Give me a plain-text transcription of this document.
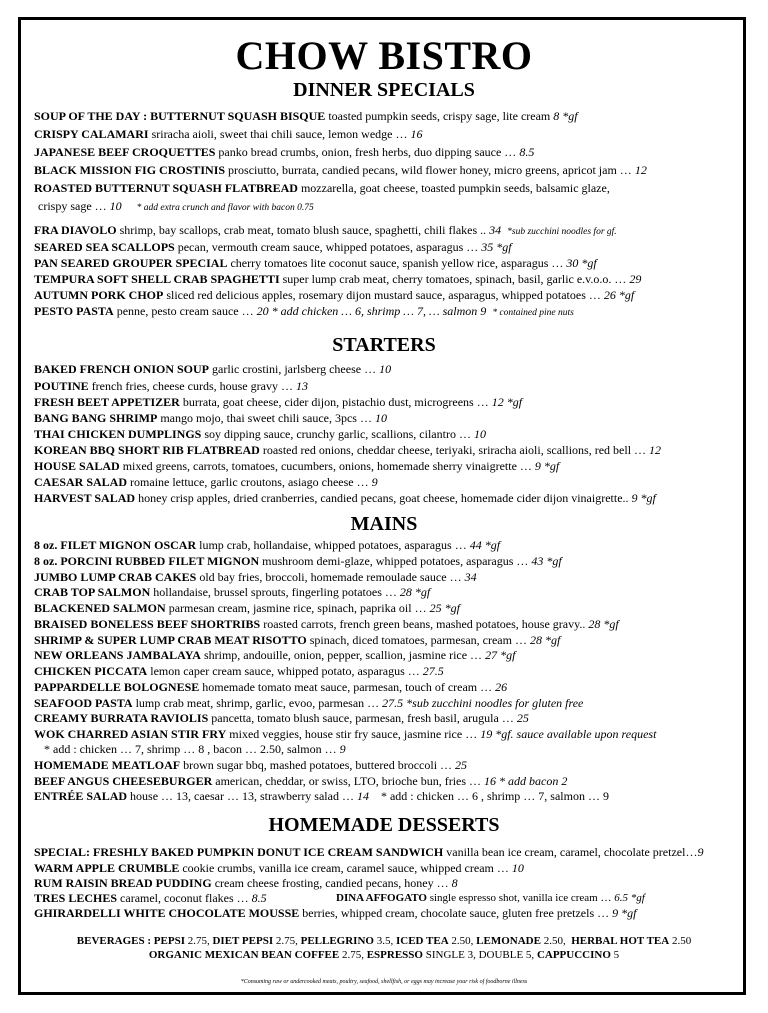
CHOW BISTRO
DINNER SPECIALS
SOUP OF THE DAY : BUTTERNUT SQUASH BISQUE toasted pumpkin seeds, crispy sage, lite cream 8 *gf
CRISPY CALAMARI sriracha aioli, sweet thai chili sauce, lemon wedge … 16
JAPANESE BEEF CROQUETTES panko bread crumbs, onion, fresh herbs, duo dipping sauce … 8.5
BLACK MISSION FIG CROSTINIS prosciutto, burrata, candied pecans, wild flower honey, micro greens, apricot jam … 12
ROASTED BUTTERNUT SQUASH FLATBREAD mozzarella, goat cheese, toasted pumpkin seeds, balsamic glaze,
crispy sage … 10 * add extra crunch and flavor with bacon 0.75
FRA DIAVOLO shrimp, bay scallops, crab meat, tomato blush sauce, spaghetti, chili flakes .. 34 *sub zucchini noodles for gf.
SEARED SEA SCALLOPS pecan, vermouth cream sauce, whipped potatoes, asparagus … 35 *gf
PAN SEARED GROUPER SPECIAL cherry tomatoes lite coconut sauce, spanish yellow rice, asparagus … 30 *gf
TEMPURA SOFT SHELL CRAB SPAGHETTI super lump crab meat, cherry tomatoes, spinach, basil, garlic e.v.o.o. … 29
AUTUMN PORK CHOP sliced red delicious apples, rosemary dijon mustard sauce, asparagus, whipped potatoes … 26 *gf
PESTO PASTA penne, pesto cream sauce … 20 * add chicken … 6, shrimp … 7, … salmon 9 * contained pine nuts
STARTERS
BAKED FRENCH ONION SOUP garlic crostini, jarlsberg cheese … 10
POUTINE french fries, cheese curds, house gravy … 13
FRESH BEET APPETIZER burrata, goat cheese, cider dijon, pistachio dust, microgreens … 12 *gf
BANG BANG SHRIMP mango mojo, thai sweet chili sauce, 3pcs … 10
THAI CHICKEN DUMPLINGS soy dipping sauce, crunchy garlic, scallions, cilantro … 10
KOREAN BBQ SHORT RIB FLATBREAD roasted red onions, cheddar cheese, teriyaki, sriracha aioli, scallions, red bell … 12
HOUSE SALAD mixed greens, carrots, tomatoes, cucumbers, onions, homemade sherry vinaigrette … 9 *gf
CAESAR SALAD romaine lettuce, garlic croutons, asiago cheese … 9
HARVEST SALAD honey crisp apples, dried cranberries, candied pecans, goat cheese, homemade cider dijon vinaigrette.. 9 *gf
MAINS
8 oz. FILET MIGNON OSCAR lump crab, hollandaise, whipped potatoes, asparagus … 44 *gf
8 oz. PORCINI RUBBED FILET MIGNON mushroom demi-glaze, whipped potatoes, asparagus … 43 *gf
JUMBO LUMP CRAB CAKES old bay fries, broccoli, homemade remoulade sauce … 34
CRAB TOP SALMON hollandaise, brussel sprouts, fingerling potatoes … 28 *gf
BLACKENED SALMON parmesan cream, jasmine rice, spinach, paprika oil … 25 *gf
BRAISED BONELESS BEEF SHORTRIBS roasted carrots, french green beans, mashed potatoes, house gravy.. 28 *gf
SHRIMP & SUPER LUMP CRAB MEAT RISOTTO spinach, diced tomatoes, parmesan, cream … 28 *gf
NEW ORLEANS JAMBALAYA shrimp, andouille, onion, pepper, scallion, jasmine rice … 27 *gf
CHICKEN PICCATA lemon caper cream sauce, whipped potato, asparagus … 27.5
PAPPARDELLE BOLOGNESE homemade tomato meat sauce, parmesan, touch of cream … 26
SEAFOOD PASTA lump crab meat, shrimp, garlic, evoo, parmesan … 27.5 *sub zucchini noodles for gluten free
CREAMY BURRATA RAVIOLIS pancetta, tomato blush sauce, parmesan, fresh basil, arugula … 25
WOK CHARRED ASIAN STIR FRY mixed veggies, house stir fry sauce, jasmine rice … 19 *gf. sauce available upon request
* add : chicken … 7, shrimp … 8 , bacon … 2.50, salmon … 9
HOMEMADE MEATLOAF brown sugar bbq, mashed potatoes, buttered broccoli … 25
BEEF ANGUS CHEESEBURGER american, cheddar, or swiss, LTO, brioche bun, fries … 16 * add bacon 2
ENTRÉE SALAD house … 13, caesar … 13, strawberry salad … 14 * add : chicken … 6 , shrimp … 7, salmon … 9
HOMEMADE DESSERTS
SPECIAL: FRESHLY BAKED PUMPKIN DONUT ICE CREAM SANDWICH vanilla bean ice cream, caramel, chocolate pretzel…9
WARM APPLE CRUMBLE cookie crumbs, vanilla ice cream, caramel sauce, whipped cream … 10
RUM RAISIN BREAD PUDDING cream cheese frosting, candied pecans, honey … 8
TRES LECHES caramel, coconut flakes … 8.5	DINA AFFOGATO single espresso shot, vanilla ice cream … 6.5 *gf
GHIRARDELLI WHITE CHOCOLATE MOUSSE berries, whipped cream, chocolate sauce, gluten free pretzels … 9 *gf
BEVERAGES : PEPSI 2.75, DIET PEPSI 2.75, PELLEGRINO 3.5, ICED TEA 2.50, LEMONADE 2.50, HERBAL HOT TEA 2.50
ORGANIC MEXICAN BEAN COFFEE 2.75, ESPRESSO SINGLE 3, DOUBLE 5, CAPPUCCINO 5
*Consuming raw or undercooked meats, poultry, seafood, shellfish, or eggs may increase your risk of foodborne illness
